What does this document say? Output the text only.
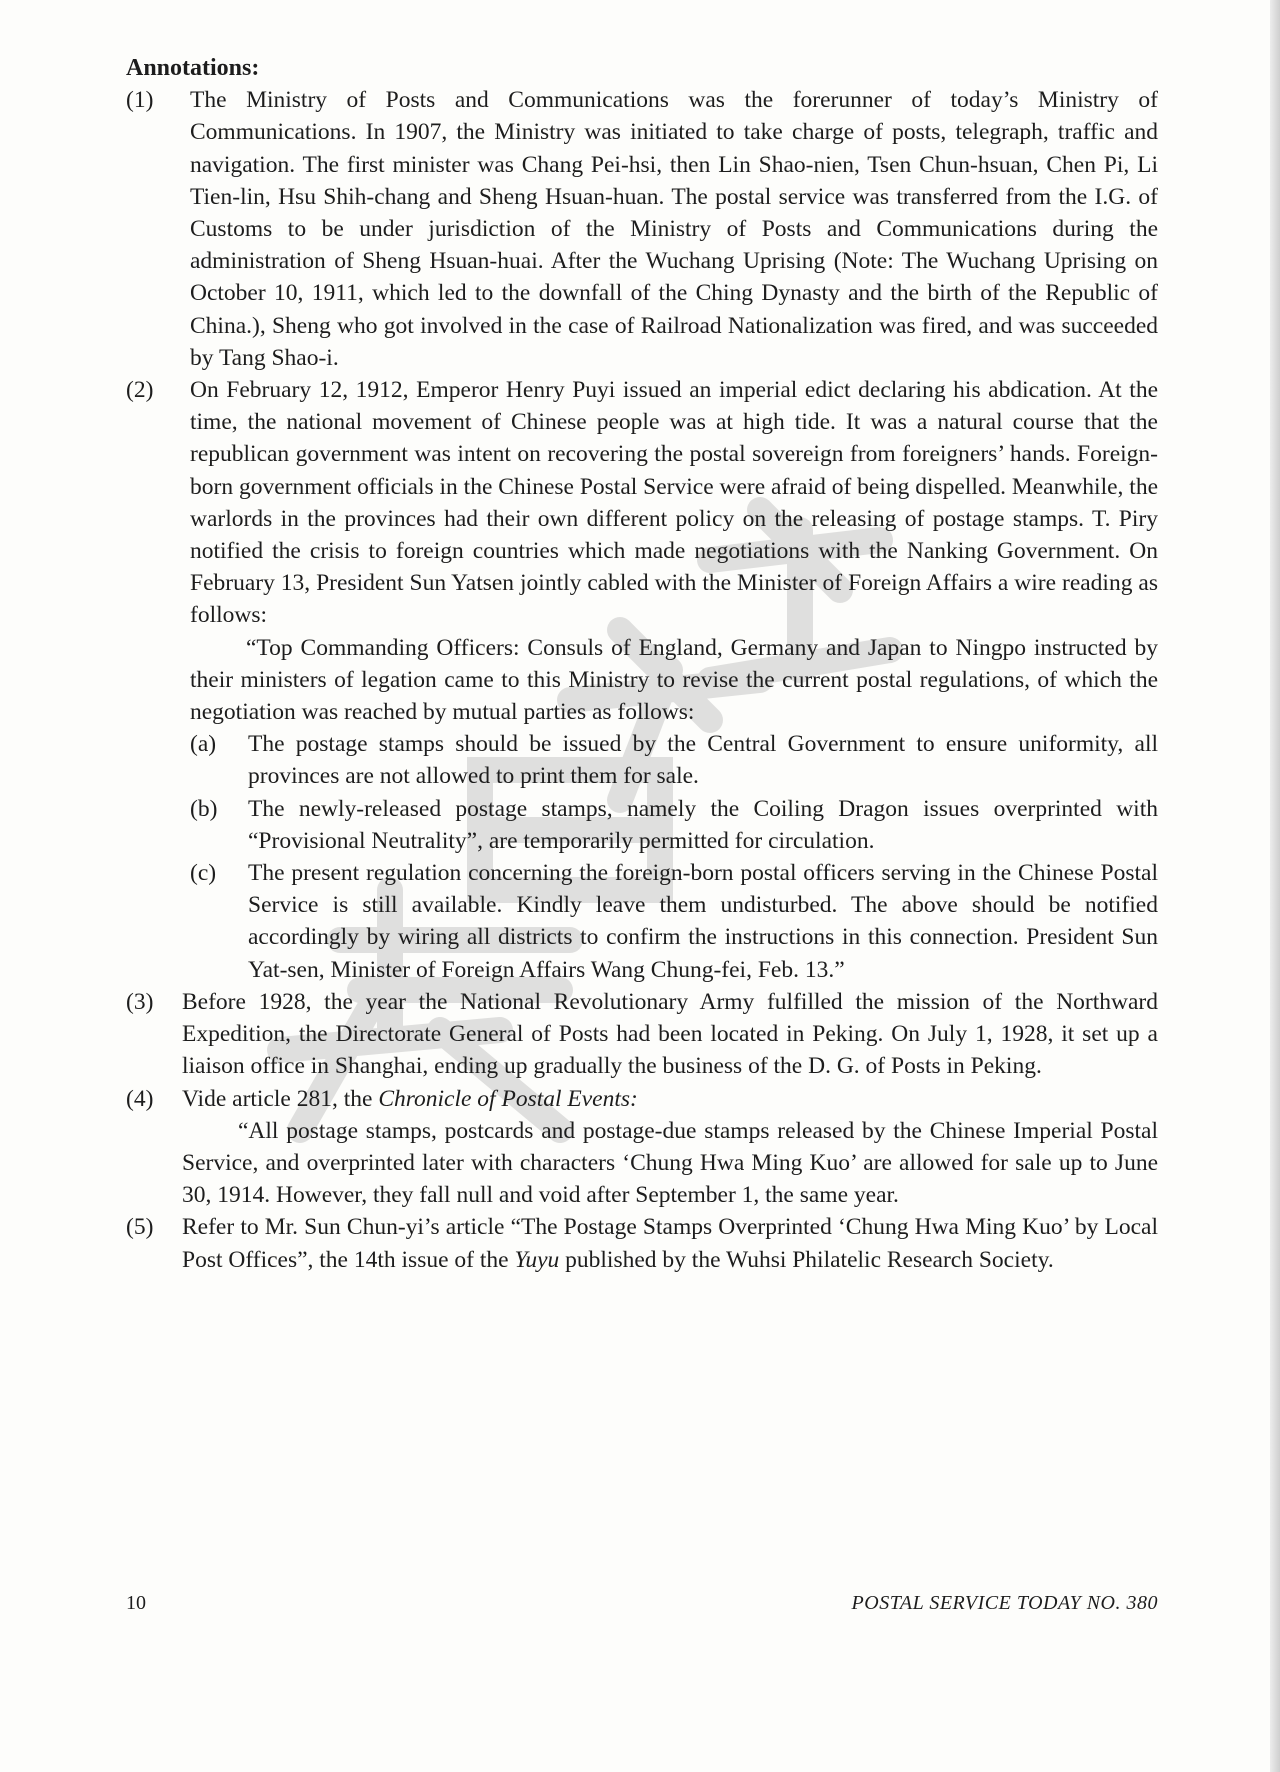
Annotations:

(1) The Ministry of Posts and Communications was the forerunner of today’s Ministry of Communications. In 1907, the Ministry was initiated to take charge of posts, telegraph, traffic and navigation. The first minister was Chang Pei-hsi, then Lin Shao-nien, Tsen Chun-hsuan, Chen Pi, Li Tien-lin, Hsu Shih-chang and Sheng Hsuan-huan. The postal service was transferred from the I.G. of Customs to be under jurisdiction of the Ministry of Posts and Communications during the administration of Sheng Hsuan-huai. After the Wuchang Uprising (Note: The Wuchang Uprising on October 10, 1911, which led to the downfall of the Ching Dynasty and the birth of the Republic of China.), Sheng who got involved in the case of Railroad Nationalization was fired, and was succeeded by Tang Shao-i.

(2) On February 12, 1912, Emperor Henry Puyi issued an imperial edict declaring his abdication. At the time, the national movement of Chinese people was at high tide. It was a natural course that the republican government was intent on recovering the postal sovereign from foreigners’ hands. Foreign-born government officials in the Chinese Postal Service were afraid of being dispelled. Meanwhile, the warlords in the provinces had their own different policy on the releasing of postage stamps. T. Piry notified the crisis to foreign countries which made negotiations with the Nanking Government. On February 13, President Sun Yatsen jointly cabled with the Minister of Foreign Affairs a wire reading as follows:

“Top Commanding Officers: Consuls of England, Germany and Japan to Ningpo instructed by their ministers of legation came to this Ministry to revise the current postal regulations, of which the negotiation was reached by mutual parties as follows:

(a) The postage stamps should be issued by the Central Government to ensure uniformity, all provinces are not allowed to print them for sale.

(b) The newly-released postage stamps, namely the Coiling Dragon issues overprinted with “Provisional Neutrality”, are temporarily permitted for circulation.

(c) The present regulation concerning the foreign-born postal officers serving in the Chinese Postal Service is still available. Kindly leave them undisturbed. The above should be notified accordingly by wiring all districts to confirm the instructions in this connection. President Sun Yat-sen, Minister of Foreign Affairs Wang Chung-fei, Feb. 13.”

(3) Before 1928, the year the National Revolutionary Army fulfilled the mission of the Northward Expedition, the Directorate General of Posts had been located in Peking. On July 1, 1928, it set up a liaison office in Shanghai, ending up gradually the business of the D. G. of Posts in Peking.

(4) Vide article 281, the Chronicle of Postal Events:

“All postage stamps, postcards and postage-due stamps released by the Chinese Imperial Postal Service, and overprinted later with characters ‘Chung Hwa Ming Kuo’ are allowed for sale up to June 30, 1914. However, they fall null and void after September 1, the same year.

(5) Refer to Mr. Sun Chun-yi’s article “The Postage Stamps Overprinted ‘Chung Hwa Ming Kuo’ by Local Post Offices”, the 14th issue of the Yuyu published by the Wuhsi Philatelic Research Society.

10	POSTAL SERVICE TODAY NO. 380
